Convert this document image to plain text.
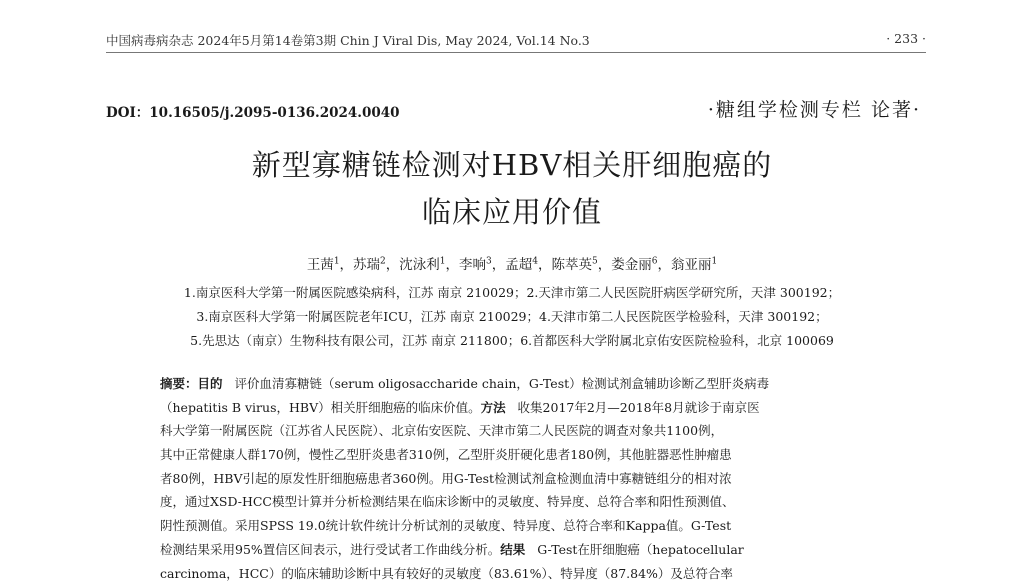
中国病毒病杂志 2024年5月第14卷第3期 Chin J Viral Dis, May 2024, Vol.14 No.3	· 233 ·
DOI：10.16505/j.2095-0136.2024.0040	·糖组学检测专栏 论著·
新型寡糖链检测对HBV相关肝细胞癌的
临床应用价值
王茜$^1$，苏瑞$^2$，沈泳利$^1$，李响$^3$，孟超$^4$，陈萃英$^5$，娄金丽$^6$，翁亚丽$^1$
1.南京医科大学第一附属医院感染病科，江苏 南京 210029；2.天津市第二人民医院肝病医学研究所，天津 300192；
3.南京医科大学第一附属医院老年ICU，江苏 南京 210029；4.天津市第二人民医院医学检验科，天津 300192；
5.先思达（南京）生物科技有限公司，江苏 南京 211800；6.首都医科大学附属北京佑安医院检验科，北京 100069
摘要：目的 评价血清寡糖链（serum oligosaccharide chain，G-Test）检测试剂盒辅助诊断乙型肝炎病毒
（hepatitis B virus，HBV）相关肝细胞癌的临床价值。方法 收集2017年2月—2018年8月就诊于南京医
科大学第一附属医院（江苏省人民医院）、北京佑安医院、天津市第二人民医院的调查对象共1100例，
其中正常健康人群170例，慢性乙型肝炎患者310例，乙型肝炎肝硬化患者180例，其他脏器恶性肿瘤患
者80例，HBV引起的原发性肝细胞癌患者360例。用G-Test检测试剂盒检测血清中寡糖链组分的相对浓
度，通过XSD-HCC模型计算并分析检测结果在临床诊断中的灵敏度、特异度、总符合率和阳性预测值、
阴性预测值。采用SPSS 19.0统计软件统计分析试剂的灵敏度、特异度、总符合率和Kappa值。G-Test
检测结果采用95%置信区间表示，进行受试者工作曲线分析。结果 G-Test在肝细胞癌（hepatocellular
carcinoma，HCC）的临床辅助诊断中具有较好的灵敏度（83.61%）、特异度（87.84%）及总符合率
